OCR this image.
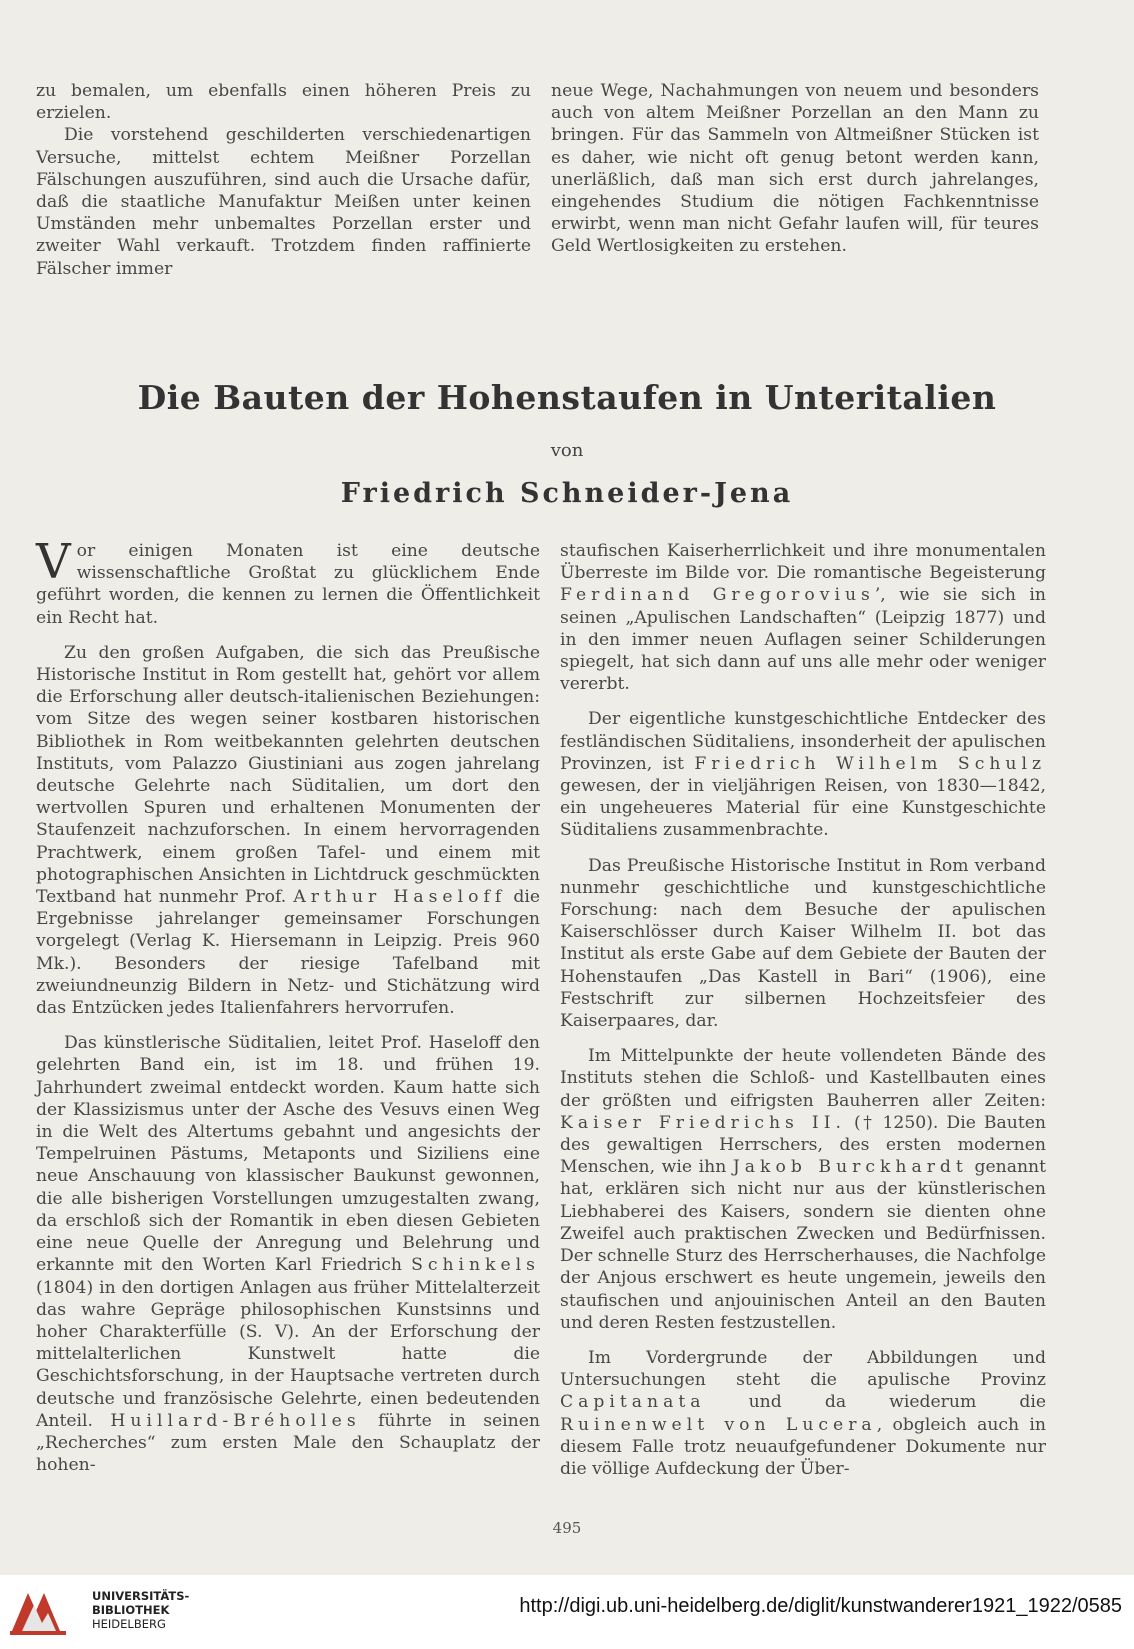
zu bemalen, um ebenfalls einen höheren Preis zu erzielen.

Die vorstehend geschilderten verschiedenartigen Versuche, mittelst echtem Meißner Porzellan Fälschungen auszuführen, sind auch die Ursache dafür, daß die staatliche Manufaktur Meißen unter keinen Umständen mehr unbemaltes Porzellan erster und zweiter Wahl verkauft. Trotzdem finden raffinierte Fälscher immer

neue Wege, Nachahmungen von neuem und besonders auch von altem Meißner Porzellan an den Mann zu bringen. Für das Sammeln von Altmeißner Stücken ist es daher, wie nicht oft genug betont werden kann, unerläßlich, daß man sich erst durch jahrelanges, eingehendes Studium die nötigen Fachkenntnisse erwirbt, wenn man nicht Gefahr laufen will, für teures Geld Wertlosigkeiten zu erstehen.

Die Bauten der Hohenstaufen in Unteritalien
von
Friedrich Schneider-Jena

Vor einigen Monaten ist eine deutsche wissenschaftliche Großtat zu glücklichem Ende geführt worden, die kennen zu lernen die Öffentlichkeit ein Recht hat.

Zu den großen Aufgaben, die sich das Preußische Historische Institut in Rom gestellt hat, gehört vor allem die Erforschung aller deutsch-italienischen Beziehungen: vom Sitze des wegen seiner kostbaren historischen Bibliothek in Rom weitbekannten gelehrten deutschen Instituts, vom Palazzo Giustiniani aus zogen jahrelang deutsche Gelehrte nach Süditalien, um dort den wertvollen Spuren und erhaltenen Monumenten der Staufenzeit nachzuforschen. In einem hervorragenden Prachtwerk, einem großen Tafel- und einem mit photographischen Ansichten in Lichtdruck geschmückten Textband hat nunmehr Prof. Arthur Haseloff die Ergebnisse jahrelanger gemeinsamer Forschungen vorgelegt (Verlag K. Hiersemann in Leipzig. Preis 960 Mk.). Besonders der riesige Tafelband mit zweiundneunzig Bildern in Netz- und Stichätzung wird das Entzücken jedes Italienfahrers hervorrufen.

Das künstlerische Süditalien, leitet Prof. Haseloff den gelehrten Band ein, ist im 18. und frühen 19. Jahrhundert zweimal entdeckt worden. Kaum hatte sich der Klassizismus unter der Asche des Vesuvs einen Weg in die Welt des Altertums gebahnt und angesichts der Tempelruinen Pästums, Metaponts und Siziliens eine neue Anschauung von klassischer Baukunst gewonnen, die alle bisherigen Vorstellungen umzugestalten zwang, da erschloß sich der Romantik in eben diesen Gebieten eine neue Quelle der Anregung und Belehrung und erkannte mit den Worten Karl Friedrich Schinkels (1804) in den dortigen Anlagen aus früher Mittelalterzeit das wahre Gepräge philosophischen Kunstsinns und hoher Charakterfülle (S. V). An der Erforschung der mittelalterlichen Kunstwelt hatte die Geschichtsforschung, in der Hauptsache vertreten durch deutsche und französische Gelehrte, einen bedeutenden Anteil. Huillard-Bréholles führte in seinen „Recherches“ zum ersten Male den Schauplatz der hohen-

staufischen Kaiserherrlichkeit und ihre monumentalen Überreste im Bilde vor. Die romantische Begeisterung Ferdinand Gregorovius’, wie sie sich in seinen „Apulischen Landschaften“ (Leipzig 1877) und in den immer neuen Auflagen seiner Schilderungen spiegelt, hat sich dann auf uns alle mehr oder weniger vererbt.

Der eigentliche kunstgeschichtliche Entdecker des festländischen Süditaliens, insonderheit der apulischen Provinzen, ist Friedrich Wilhelm Schulz gewesen, der in vieljährigen Reisen, von 1830—1842, ein ungeheueres Material für eine Kunstgeschichte Süditaliens zusammenbrachte.

Das Preußische Historische Institut in Rom verband nunmehr geschichtliche und kunstgeschichtliche Forschung: nach dem Besuche der apulischen Kaiserschlösser durch Kaiser Wilhelm II. bot das Institut als erste Gabe auf dem Gebiete der Bauten der Hohenstaufen „Das Kastell in Bari“ (1906), eine Festschrift zur silbernen Hochzeitsfeier des Kaiserpaares, dar.

Im Mittelpunkte der heute vollendeten Bände des Instituts stehen die Schloß- und Kastellbauten eines der größten und eifrigsten Bauherren aller Zeiten: Kaiser Friedrichs II. († 1250). Die Bauten des gewaltigen Herrschers, des ersten modernen Menschen, wie ihn Jakob Burckhardt genannt hat, erklären sich nicht nur aus der künstlerischen Liebhaberei des Kaisers, sondern sie dienten ohne Zweifel auch praktischen Zwecken und Bedürfnissen. Der schnelle Sturz des Herrscherhauses, die Nachfolge der Anjous erschwert es heute ungemein, jeweils den staufischen und anjouinischen Anteil an den Bauten und deren Resten festzustellen.

Im Vordergrunde der Abbildungen und Untersuchungen steht die apulische Provinz Capitanata	und da wiederum die Ruinenwelt von Lucera, obgleich auch in diesem Falle trotz neuaufgefundener Dokumente nur die völlige Aufdeckung der Über-

495
UNIVERSITÄTS-
BIBLIOTHEK
HEIDELBERG
http://digi.ub.uni-heidelberg.de/diglit/kunstwanderer1921_1922/0585
